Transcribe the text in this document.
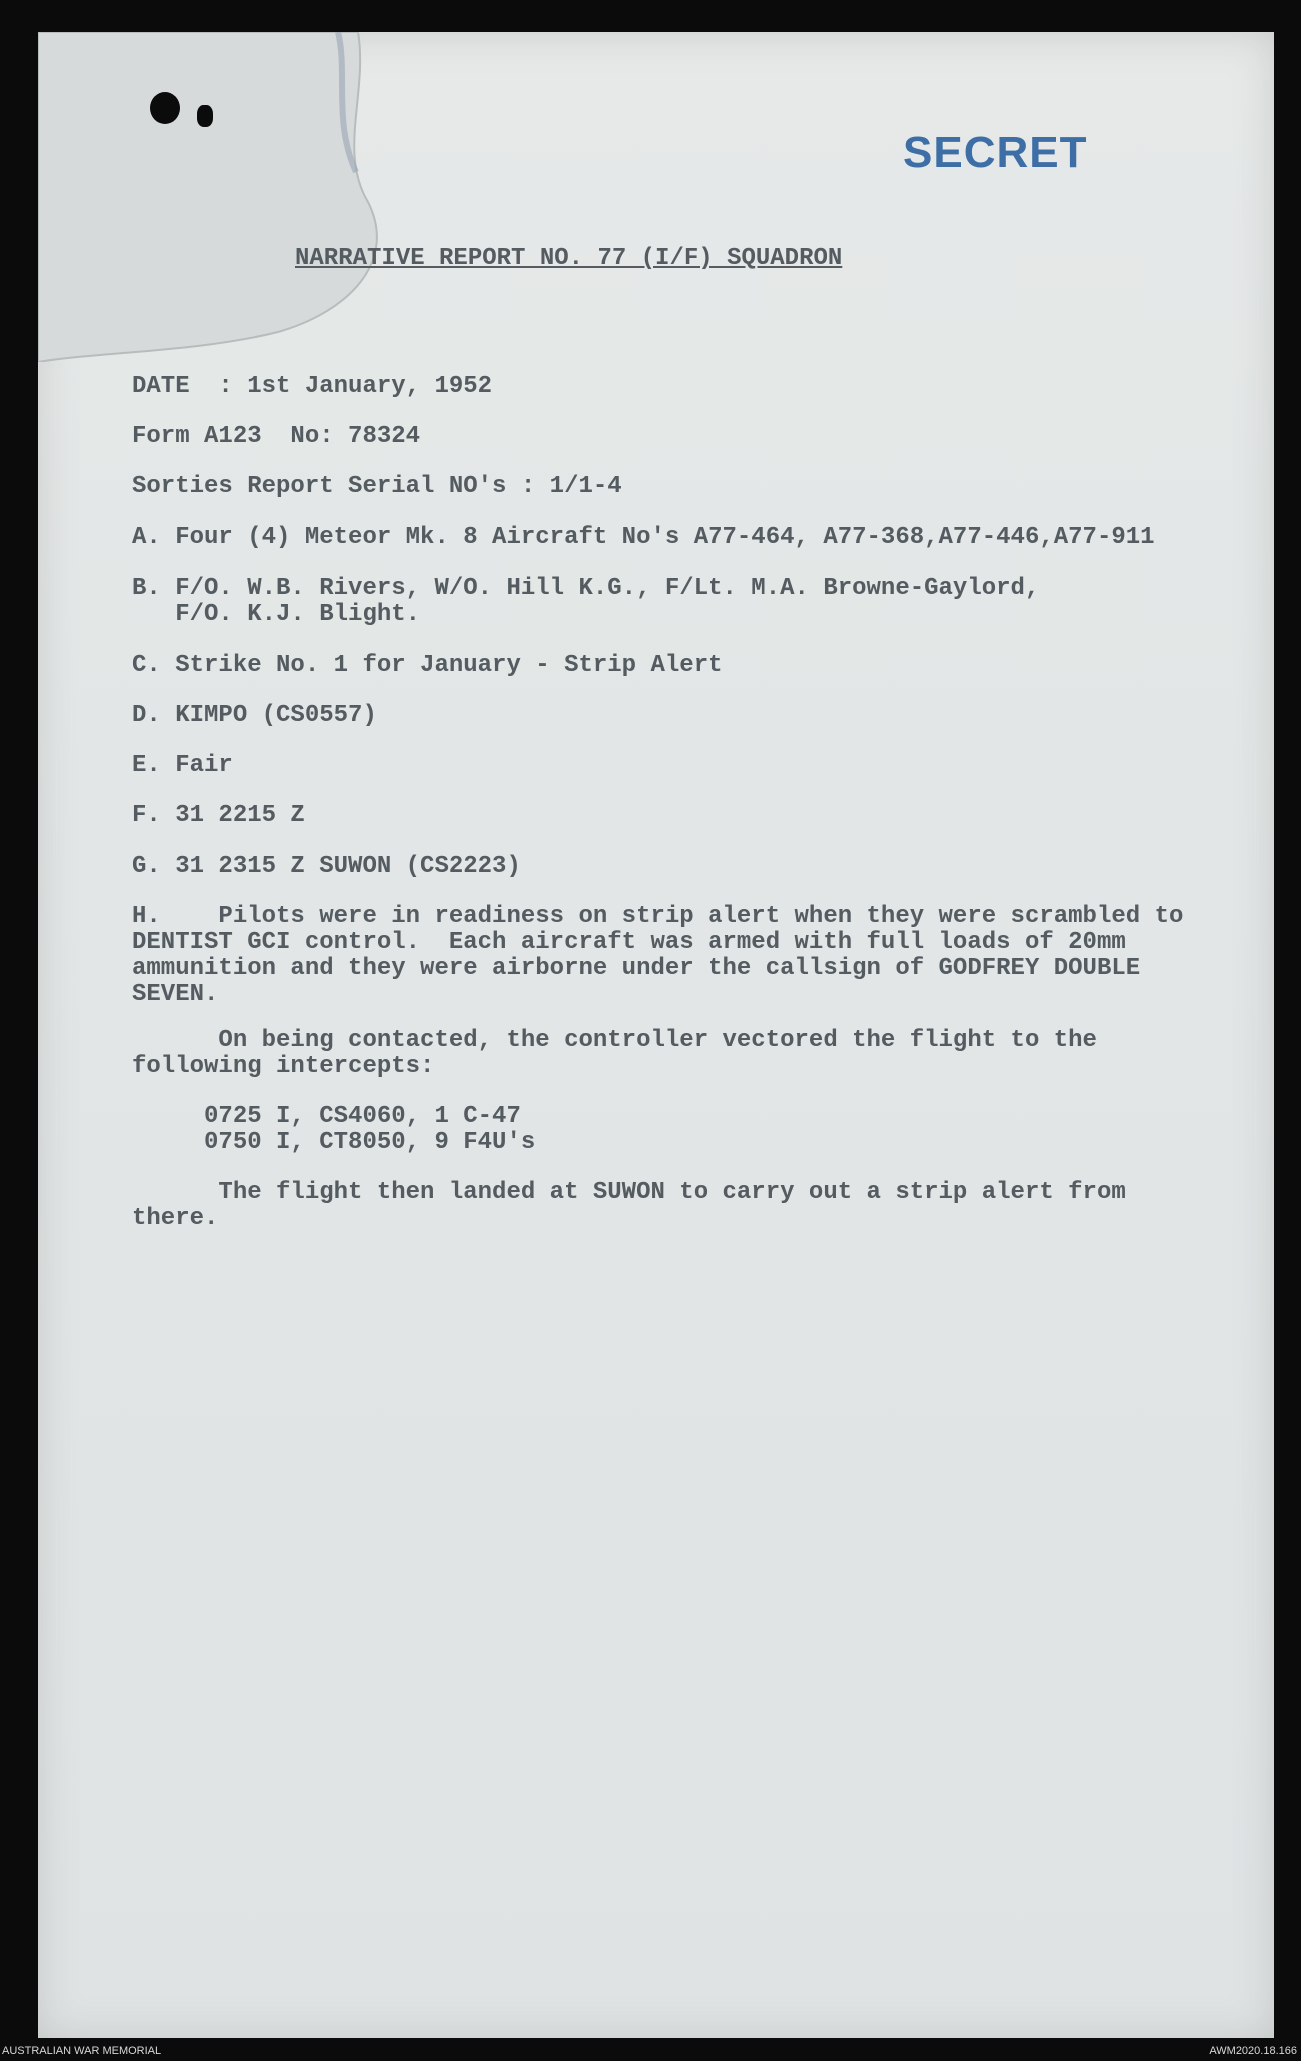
SECRET
NARRATIVE REPORT NO. 77 (I/F) SQUADRON
DATE  : 1st January, 1952
Form A123  No: 78324
Sorties Report Serial NO's : 1/1-4
A. Four (4) Meteor Mk. 8 Aircraft No's A77-464, A77-368,A77-446,A77-911
B. F/O. W.B. Rivers, W/O. Hill K.G., F/Lt. M.A. Browne-Gaylord,
F/O. K.J. Blight.
C. Strike No. 1 for January - Strip Alert
D. KIMPO (CS0557)
E. Fair
F. 31 2215 Z
G. 31 2315 Z SUWON (CS2223)
H.    Pilots were in readiness on strip alert when they were scrambled to
DENTIST GCI control.  Each aircraft was armed with full loads of 20mm
ammunition and they were airborne under the callsign of GODFREY DOUBLE
SEVEN.
On being contacted, the controller vectored the flight to the
following intercepts:
0725 I, CS4060, 1 C-47
0750 I, CT8050, 9 F4U's
The flight then landed at SUWON to carry out a strip alert from
there.
AUSTRALIAN WAR MEMORIAL	AWM2020.18.166
